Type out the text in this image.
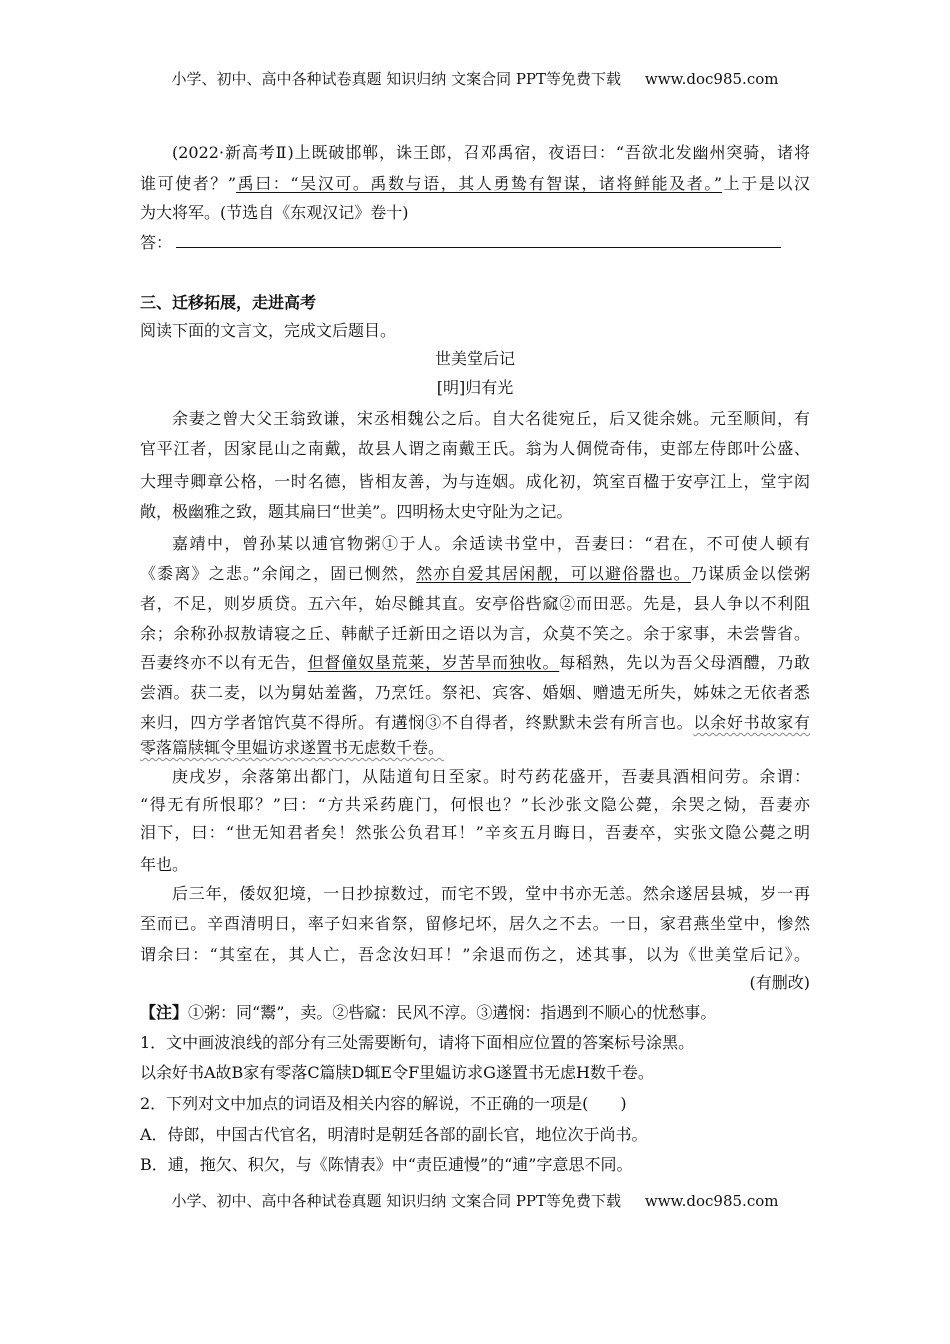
小学、初中、高中各种试卷真题 知识归纳 文案合同 PPT等免费下载 www.doc985.com
(2022·新高考Ⅱ)上既破邯郸，诛王郎，召邓禹宿，夜语曰：“吾欲北发幽州突骑，诸将
谁可使者？”禹曰：“吴汉可。禹数与语，其人勇鸷有智谋，诸将鲜能及者。”上于是以汉
为大将军。(节选自《东观汉记》卷十)
答：
三、迁移拓展，走进高考
阅读下面的文言文，完成文后题目。
世美堂后记
[明]归有光
余妻之曾大父王翁致谦，宋丞相魏公之后。自大名徙宛丘，后又徙余姚。元至顺间，有
官平江者，因家昆山之南戴，故县人谓之南戴王氏。翁为人倜傥奇伟，吏部左侍郎叶公盛、
大理寺卿章公格，一时名德，皆相友善，为与连姻。成化初，筑室百楹于安亭江上，堂宇闳
敞，极幽雅之致，题其扁曰“世美”。四明杨太史守阯为之记。
嘉靖中，曾孙某以逋官物粥①于人。余适读书堂中，吾妻曰：“君在，不可使人顿有
《黍离》之悲。”余闻之，固已恻然，然亦自爱其居闲靓，可以避俗嚣也。乃谋质金以偿粥
者，不足，则岁质贷。五六年，始尽雠其直。安亭俗呰窳②而田恶。先是，县人争以不利阻
余；余称孙叔敖请寝之丘、韩献子迁新田之语以为言，众莫不笑之。余于家事，未尝訾省。
吾妻终亦不以有无告，但督僮奴垦荒莱，岁苦旱而独收。每稻熟，先以为吾父母酒醴，乃敢
尝酒。获二麦，以为舅姑羞酱，乃烹饪。祭祀、宾客、婚姻、赠遗无所失，姊妹之无依者悉
来归，四方学者馆饩莫不得所。有遘悯③不自得者，终默默未尝有所言也。以余好书故家有
零落篇牍辄令里媪访求遂置书无虑数千卷。
庚戌岁，余落第出都门，从陆道旬日至家。时芍药花盛开，吾妻具酒相问劳。余谓：
“得无有所恨耶？”曰：“方共采药鹿门，何恨也？”长沙张文隐公薨，余哭之恸，吾妻亦
泪下，曰：“世无知君者矣！然张公负君耳！”辛亥五月晦日，吾妻卒，实张文隐公薨之明
年也。
后三年，倭奴犯境，一日抄掠数过，而宅不毁，堂中书亦无恙。然余遂居县城，岁一再
至而已。辛酉清明日，率子妇来省祭，留修圮坏，居久之不去。一日，家君燕坐堂中，惨然
谓余曰：“其室在，其人亡，吾念汝妇耳！”余退而伤之，述其事，以为《世美堂后记》。
(有删改)
【注】①粥：同“鬻”，卖。②呰窳：民风不淳。③遘悯：指遇到不顺心的忧愁事。
1．文中画波浪线的部分有三处需要断句，请将下面相应位置的答案标号涂黑。
以余好书A故B家有零落C篇牍D辄E令F里媪访求G遂置书无虑H数千卷。
2．下列对文中加点的词语及相关内容的解说，不正确的一项是(　　)
A．侍郎，中国古代官名，明清时是朝廷各部的副长官，地位次于尚书。
B．逋，拖欠、积欠，与《陈情表》中“责臣逋慢”的“逋”字意思不同。
小学、初中、高中各种试卷真题 知识归纳 文案合同 PPT等免费下载 www.doc985.com
